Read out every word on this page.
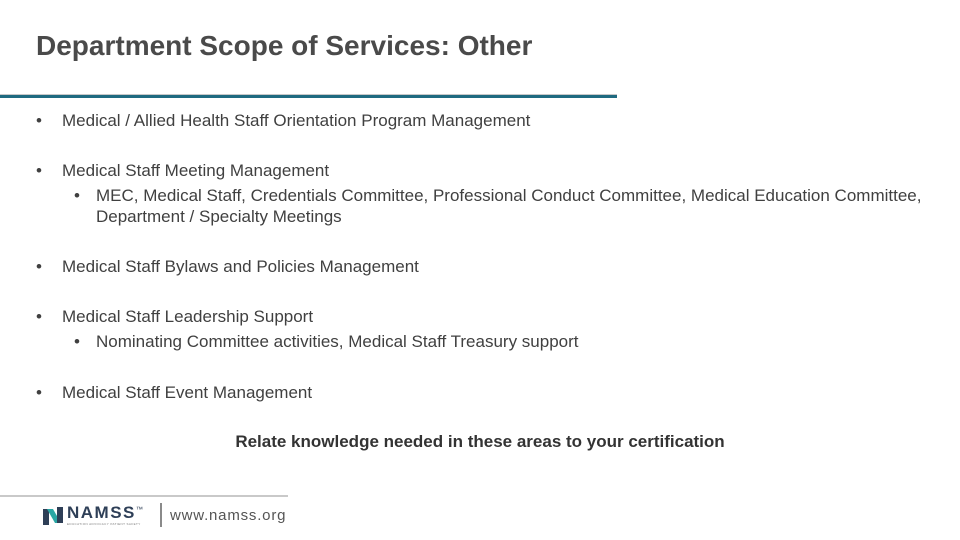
Department Scope of Services: Other
•	Medical / Allied Health Staff Orientation Program Management
•	Medical Staff Meeting Management
• MEC, Medical Staff, Credentials Committee, Professional Conduct Committee, Medical Education Committee, Department / Specialty Meetings
•	Medical Staff Bylaws and Policies Management
•	Medical Staff Leadership Support
• Nominating Committee activities, Medical Staff Treasury support
•	Medical Staff Event Management
Relate knowledge needed in these areas to your certification
NAMSS™
EDUCATION ADVOCACY PATIENT SAFETY www.namss.org
